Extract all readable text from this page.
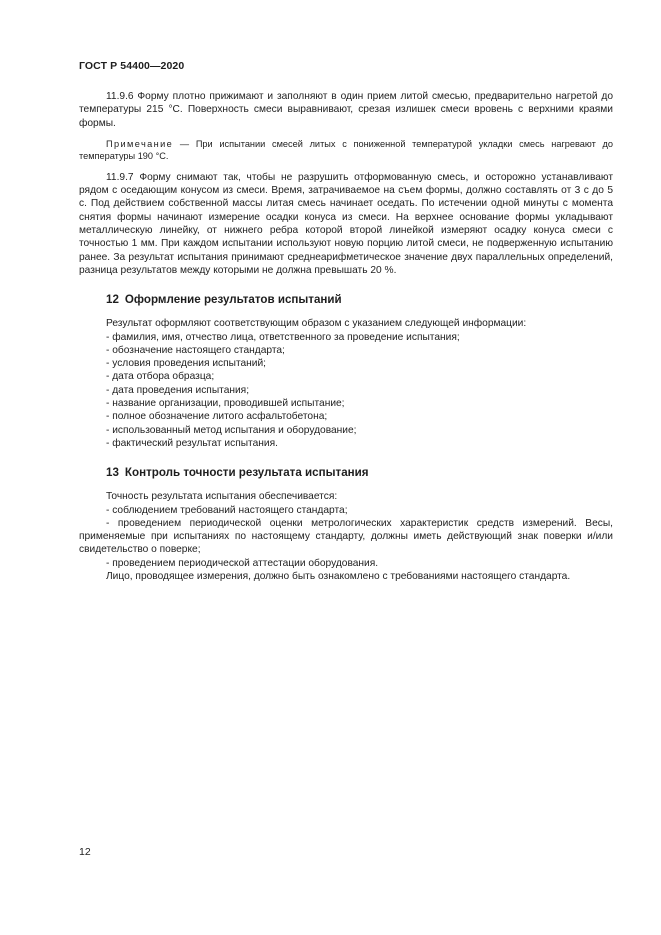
ГОСТ Р 54400—2020

11.9.6 Форму плотно прижимают и заполняют в один прием литой смесью, предварительно нагретой до температуры 215 °С. Поверхность смеси выравнивают, срезая излишек смеси вровень с верхними краями формы.

Примечание — При испытании смесей литых с пониженной температурой укладки смесь нагревают до температуры 190 °С.

11.9.7 Форму снимают так, чтобы не разрушить отформованную смесь, и осторожно устанавливают рядом с оседающим конусом из смеси. Время, затрачиваемое на съем формы, должно составлять от 3 с до 5 с. Под действием собственной массы литая смесь начинает оседать. По истечении одной минуты с момента снятия формы начинают измерение осадки конуса из смеси. На верхнее основание формы укладывают металлическую линейку, от нижнего ребра которой второй линейкой измеряют осадку конуса смеси с точностью 1 мм. При каждом испытании используют новую порцию литой смеси, не подверженную испытанию ранее. За результат испытания принимают среднеарифметическое значение двух параллельных определений, разница результатов между которыми не должна превышать 20 %.

12 Оформление результатов испытаний

Результат оформляют соответствующим образом с указанием следующей информации:

- фамилия, имя, отчество лица, ответственного за проведение испытания;

- обозначение настоящего стандарта;

- условия проведения испытаний;

- дата отбора образца;

- дата проведения испытания;

- название организации, проводившей испытание;

- полное обозначение литого асфальтобетона;

- использованный метод испытания и оборудование;

- фактический результат испытания.

13 Контроль точности результата испытания

Точность результата испытания обеспечивается:

- соблюдением требований настоящего стандарта;

- проведением периодической оценки метрологических характеристик средств измерений. Весы, применяемые при испытаниях по настоящему стандарту, должны иметь действующий знак поверки и/или свидетельство о поверке;

- проведением периодической аттестации оборудования.

Лицо, проводящее измерения, должно быть ознакомлено с требованиями настоящего стандарта.

12
